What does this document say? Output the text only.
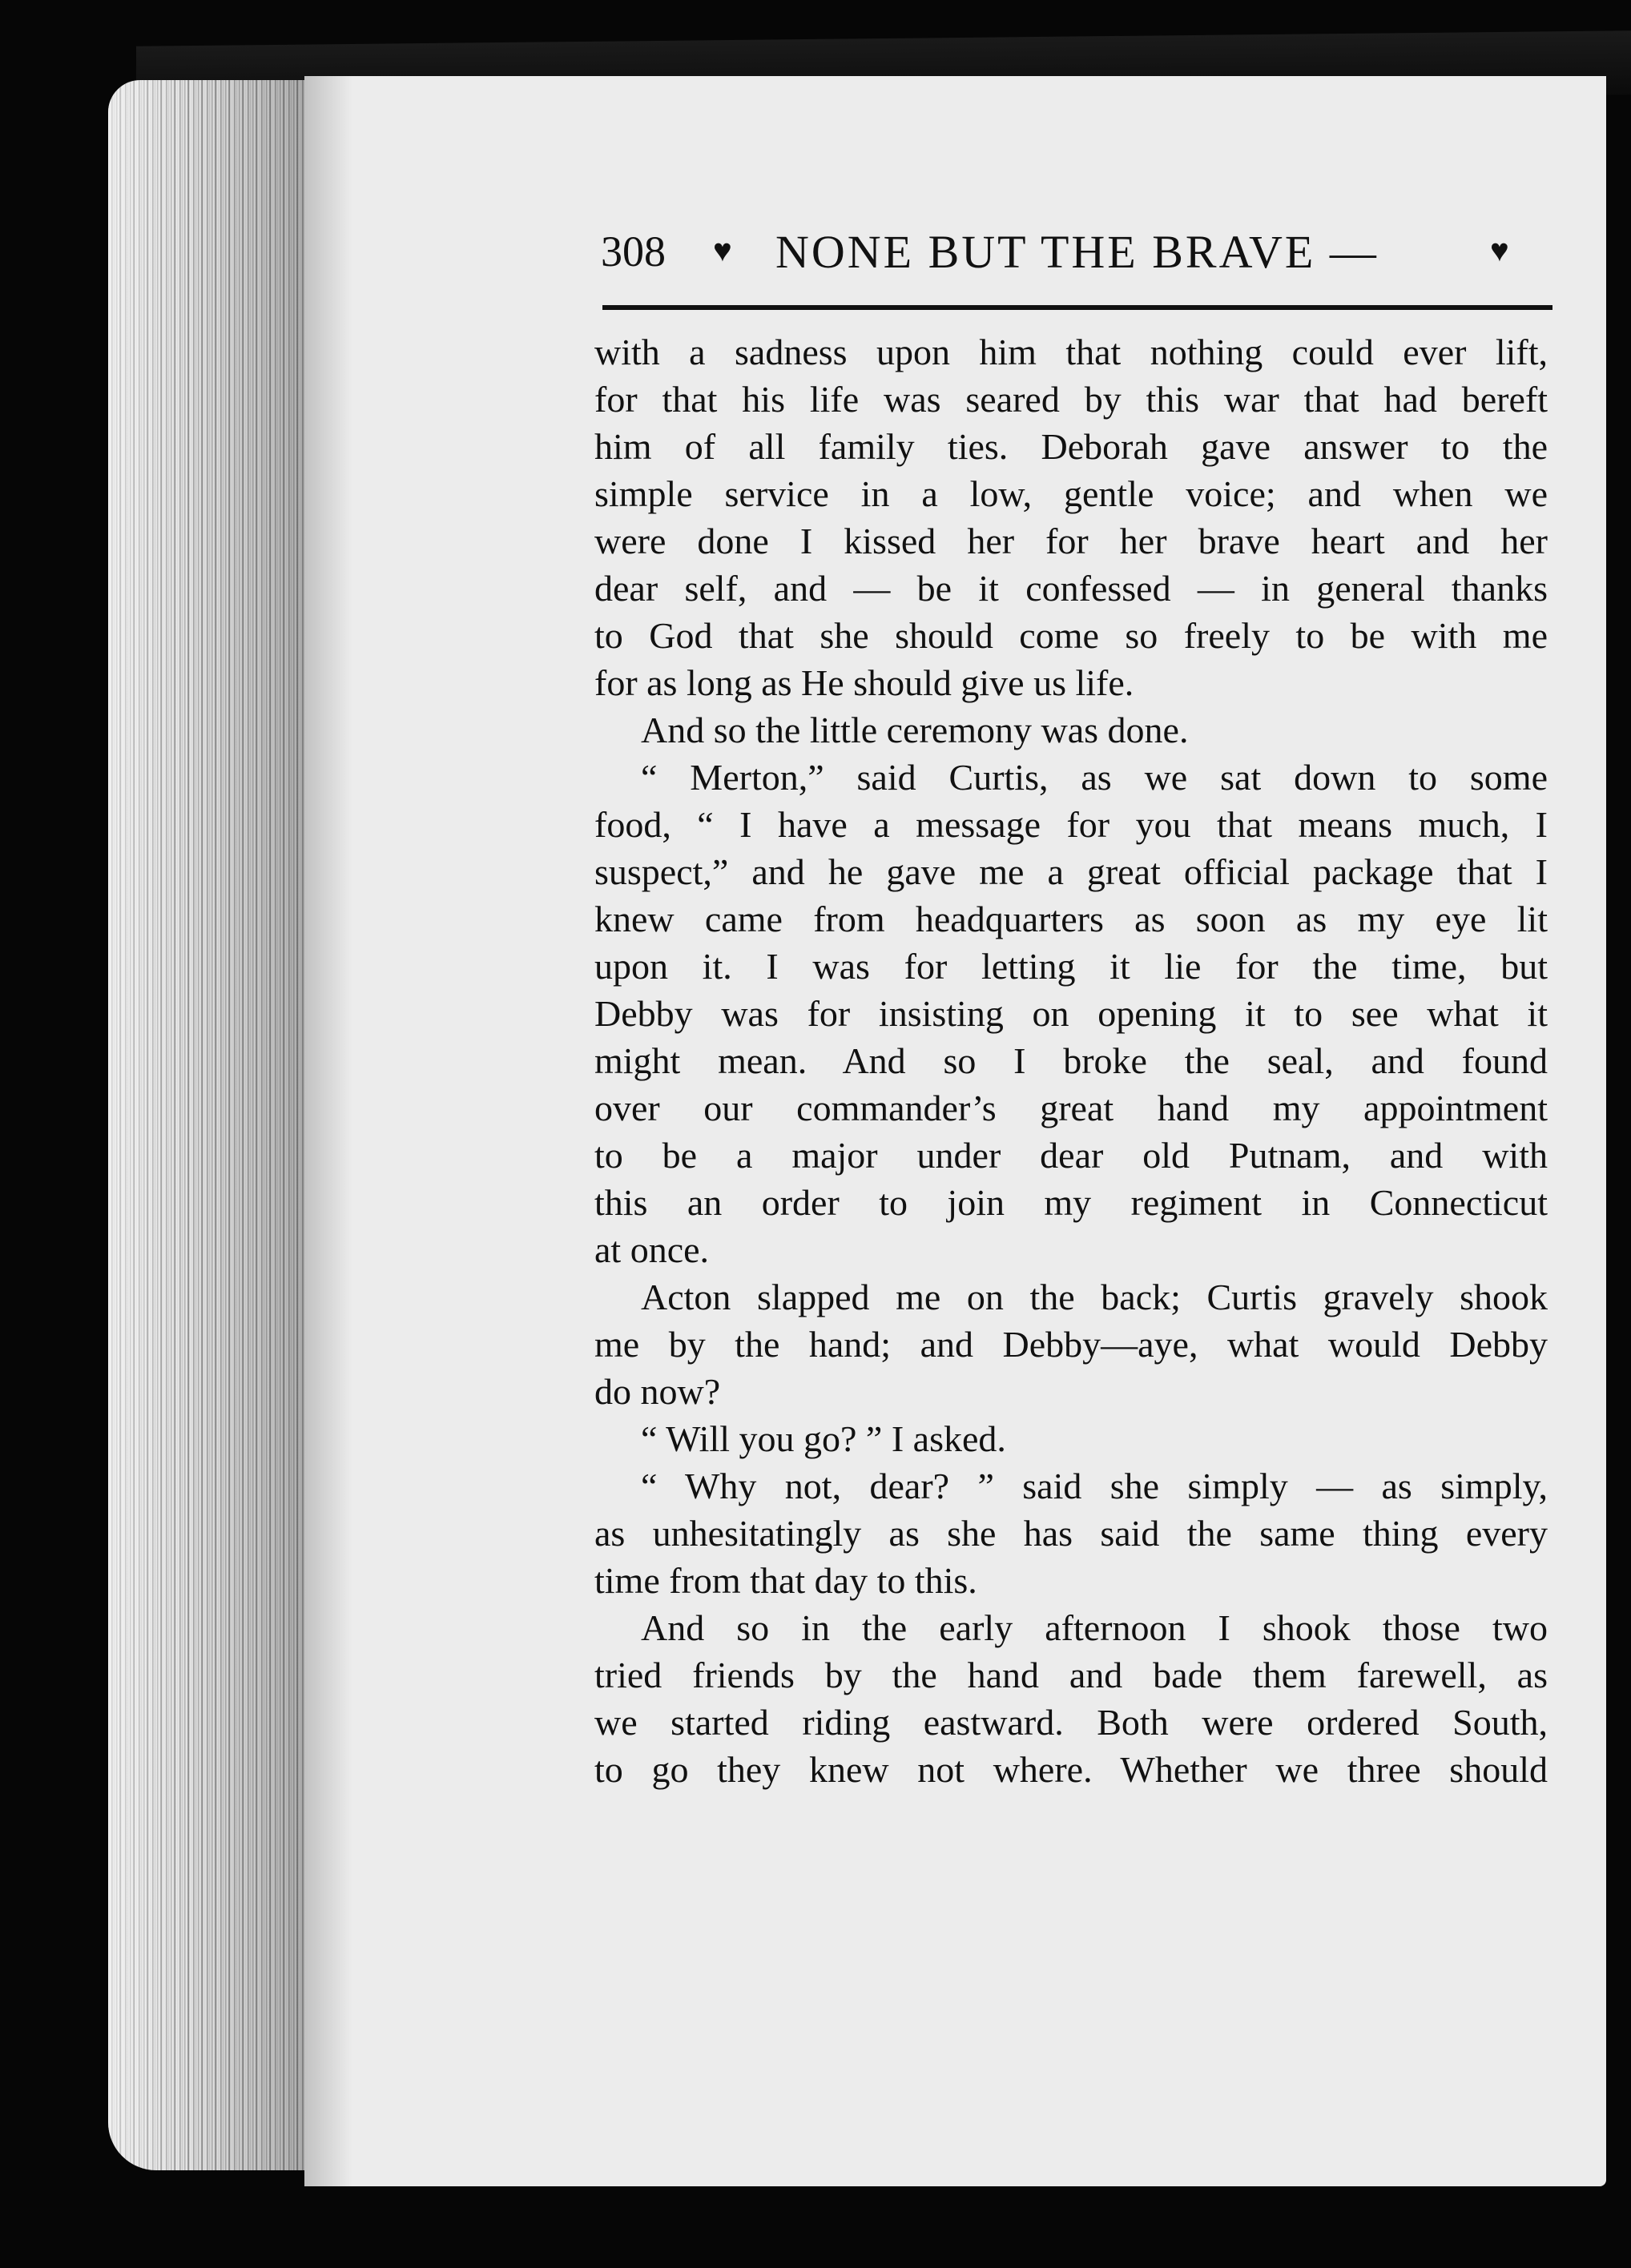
308 ♥ NONE BUT THE BRAVE —	♥
with a sadness upon him that nothing could ever lift,
for that his life was seared by this war that had bereft
him of all family ties. Deborah gave answer to the
simple service in a low, gentle voice; and when we
were done I kissed her for her brave heart and her
dear self, and — be it confessed — in general thanks
to God that she should come so freely to be with me
for as long as He should give us life.
And so the little ceremony was done.
“ Merton,” said Curtis, as we sat down to some
food, “ I have a message for you that means much, I
suspect,” and he gave me a great official package that I
knew came from headquarters as soon as my eye lit
upon it. I was for letting it lie for the time, but
Debby was for insisting on opening it to see what it
might mean. And so I broke the seal, and found
over our commander’s great hand my appointment
to be a major under dear old Putnam, and with
this an order to join my regiment in Connecticut
at once.
Acton slapped me on the back; Curtis gravely shook
me by the hand; and Debby—aye, what would Debby
do now?
“ Will you go? ” I asked.
“ Why not, dear? ” said she simply — as simply,
as unhesitatingly as she has said the same thing every
time from that day to this.
And so in the early afternoon I shook those two
tried friends by the hand and bade them farewell, as
we started riding eastward. Both were ordered South,
to go they knew not where. Whether we three should
